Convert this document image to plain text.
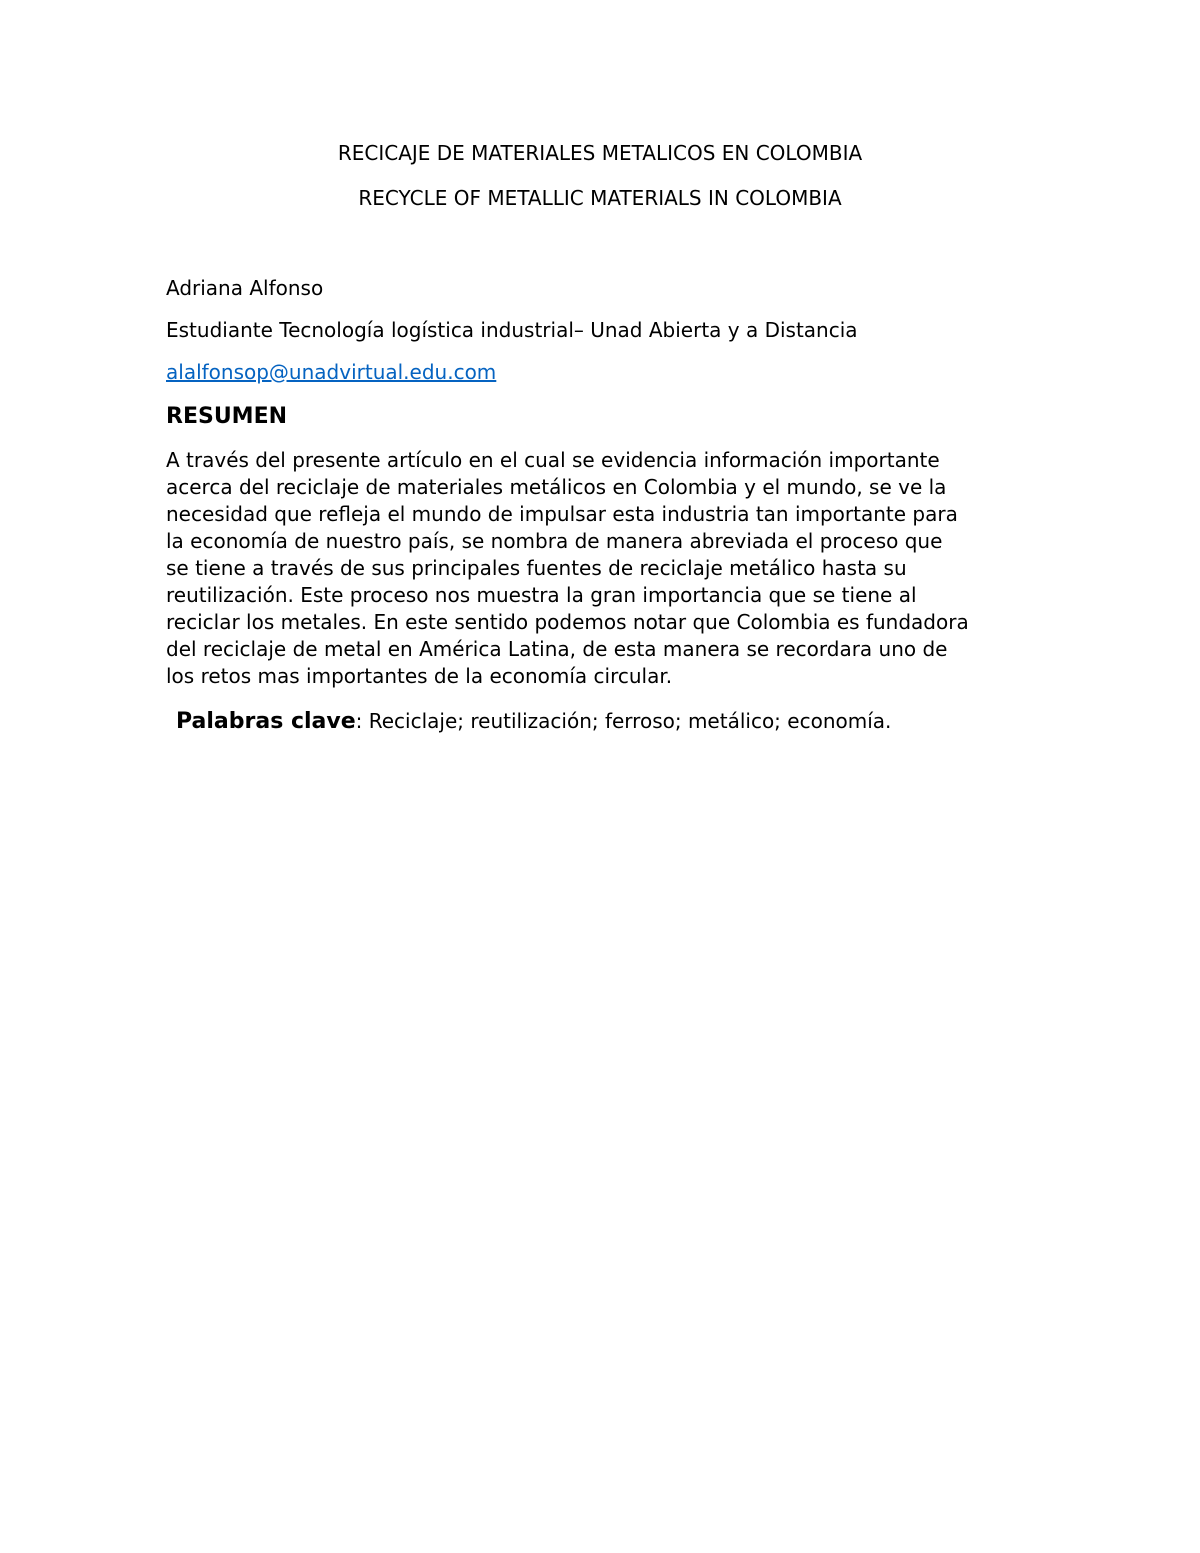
RECICAJE DE MATERIALES METALICOS EN COLOMBIA
RECYCLE OF METALLIC MATERIALS IN COLOMBIA
Adriana Alfonso
Estudiante Tecnología logística industrial– Unad Abierta y a Distancia
alalfonsop@unadvirtual.edu.com
RESUMEN
A través del presente artículo en el cual se evidencia información importante
acerca del reciclaje de materiales metálicos en Colombia y el mundo, se ve la
necesidad que refleja el mundo de impulsar esta industria tan importante para
la economía de nuestro país, se nombra de manera abreviada el proceso que
se tiene a través de sus principales fuentes de reciclaje metálico hasta su
reutilización. Este proceso nos muestra la gran importancia que se tiene al
reciclar los metales. En este sentido podemos notar que Colombia es fundadora
del reciclaje de metal en América Latina, de esta manera se recordara uno de
los retos mas importantes de la economía circular.
Palabras clave: Reciclaje; reutilización; ferroso; metálico; economía.
